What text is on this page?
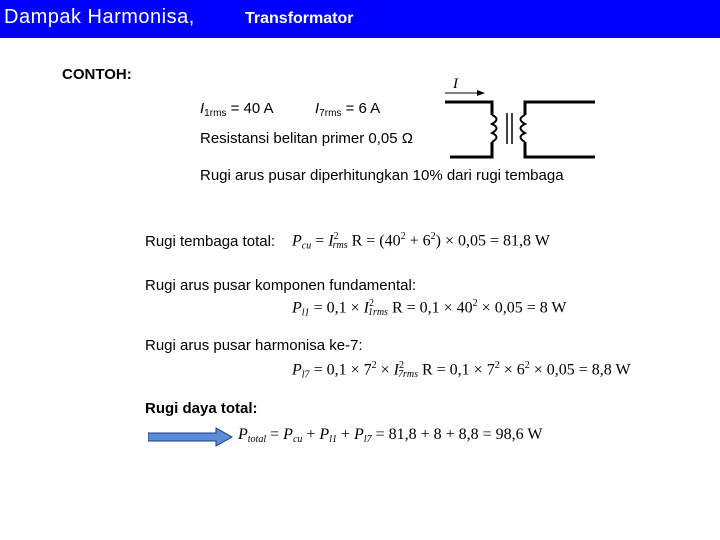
Dampak Harmonisa,	Transformator
CONTOH:
$I_{1rms} = 40$ A	$I_{7rms} = 6$ A
Resistansi belitan primer 0,05 Ω
Rugi arus pusar diperhitungkan 10% dari rugi tembaga
I
Rugi tembaga total: $P_{cu} = I^2_{rms}$ $R = (40^2 + 6^2) \times 0,05 = 81,8$ W
Rugi arus pusar komponen fundamental:
$P_{l1} = 0,1 \times I^2_{1rms}$ $R = 0,1 \times 40^2 \times 0,05 = 8$ W
Rugi arus pusar harmonisa ke-7:
$P_{l7} = 0,1 \times 7^2 \times I^2_{7rms}$ $R = 0,1 \times 7^2 \times 6^2 \times 0,05 = 8,8$ W
Rugi daya total:
$P_{total} = P_{cu} + P_{l1} + P_{l7} = 81,8 + 8 + 8,8 = 98,6$ W
